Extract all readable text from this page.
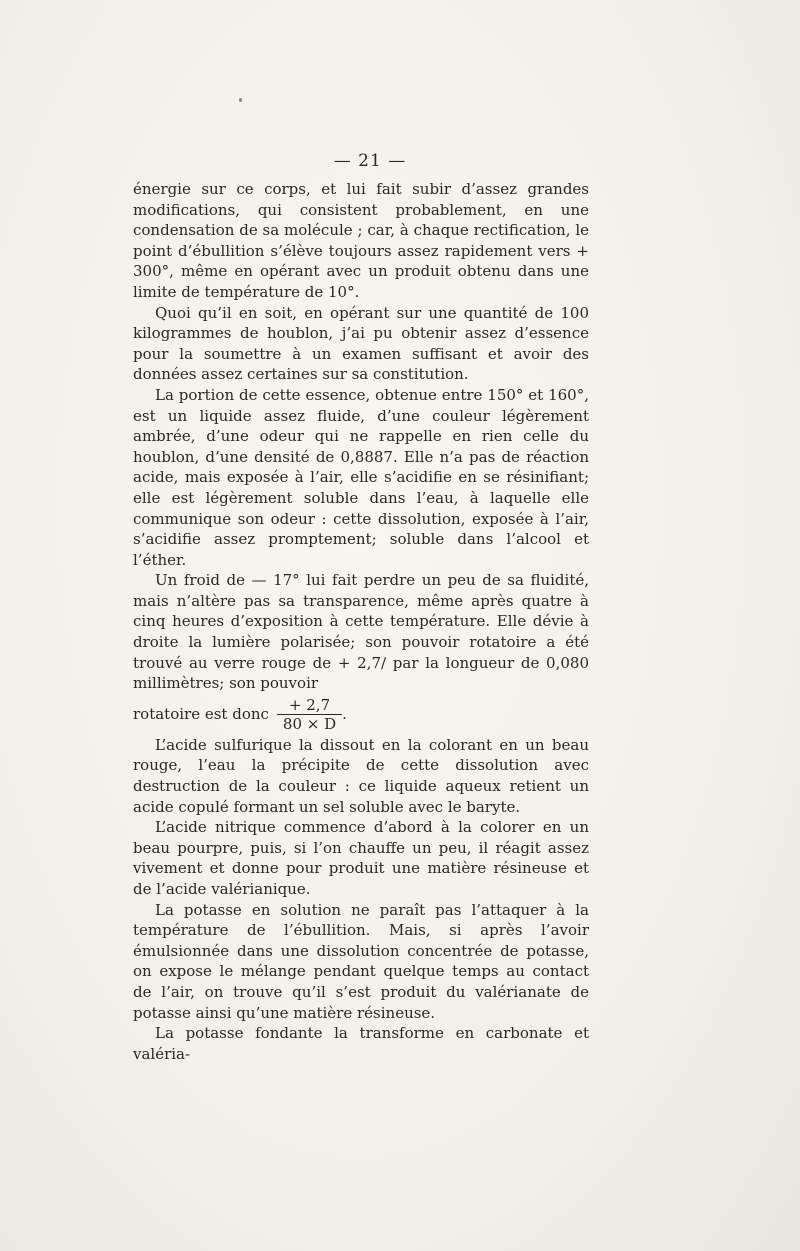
— 21 —

énergie sur ce corps, et lui fait subir d’assez grandes modifications, qui consistent probablement, en une condensation de sa molécule ; car, à chaque rectification, le point d’ébullition s’élève toujours assez rapidement vers + 300°, même en opérant avec un produit obtenu dans une limite de température de 10°.

Quoi qu’il en soit, en opérant sur une quantité de 100 kilogrammes de houblon, j’ai pu obtenir assez d’essence pour la soumettre à un examen suffisant et avoir des données assez certaines sur sa constitution.

La portion de cette essence, obtenue entre 150° et 160°, est un liquide assez fluide, d’une couleur légèrement ambrée, d’une odeur qui ne rappelle en rien celle du houblon, d’une densité de 0,8887. Elle n’a pas de réaction acide, mais exposée à l’air, elle s’acidifie en se résinifiant; elle est légèrement soluble dans l’eau, à laquelle elle communique son odeur : cette dissolution, exposée à l’air, s’acidifie assez promptement; soluble dans l’alcool et l’éther.

Un froid de — 17° lui fait perdre un peu de sa fluidité, mais n’altère pas sa transparence, même après quatre à cinq heures d’exposition à cette température. Elle dévie à droite la lumière polarisée; son pouvoir rotatoire a été trouvé au verre rouge de + 2,7∕ par la longueur de 0,080 millimètres; son pouvoir

rotatoire est donc $\frac{+ 2,7}{80 \times D}$ .

L’acide sulfurique la dissout en la colorant en un beau rouge, l’eau la précipite de cette dissolution avec destruction de la couleur : ce liquide aqueux retient un acide copulé formant un sel soluble avec le baryte.

L’acide nitrique commence d’abord à la colorer en un beau pourpre, puis, si l’on chauffe un peu, il réagit assez vivement et donne pour produit une matière résineuse et de l’acide valérianique.

La potasse en solution ne paraît pas l’attaquer à la température de l’ébullition. Mais, si après l’avoir émulsionnée dans une dissolution concentrée de potasse, on expose le mélange pendant quelque temps au contact de l’air, on trouve qu’il s’est produit du valérianate de potasse ainsi qu’une matière résineuse.

La potasse fondante la transforme en carbonate et valéria-
